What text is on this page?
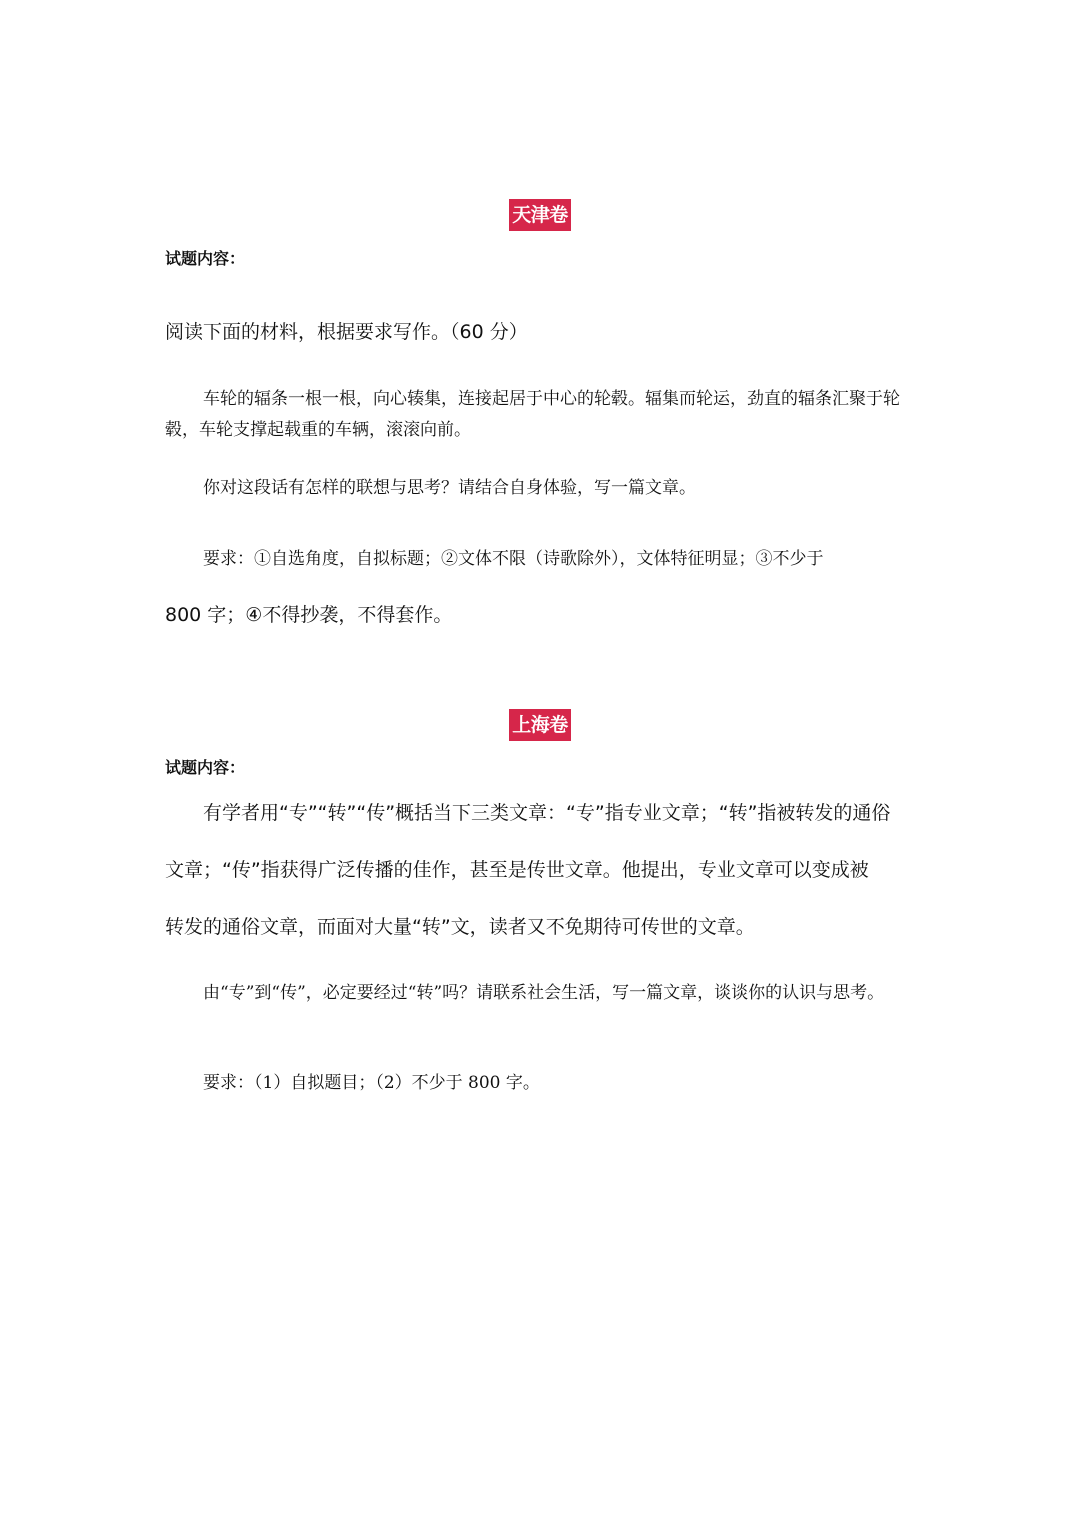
天津卷
试题内容：
阅读下面的材料，根据要求写作。（60 分）

车轮的辐条一根一根，向心辏集，连接起居于中心的轮毂。辐集而轮运，劲直的辐条汇聚于轮毂，车轮支撑起载重的车辆，滚滚向前。

你对这段话有怎样的联想与思考？请结合自身体验，写一篇文章。
要求：①自选角度，自拟标题；②文体不限（诗歌除外），文体特征明显；③不少于
800 字；④不得抄袭，不得套作。
上海卷
试题内容：
有学者用“专”“转”“传”概括当下三类文章：“专”指专业文章；“转”指被转发的通俗
文章；“传”指获得广泛传播的佳作，甚至是传世文章。他提出，专业文章可以变成被
转发的通俗文章，而面对大量“转”文，读者又不免期待可传世的文章。

由“专”到“传”，必定要经过“转”吗？请联系社会生活，写一篇文章，谈谈你的认识与思考。

要求：（1）自拟题目；（2）不少于 800 字。
